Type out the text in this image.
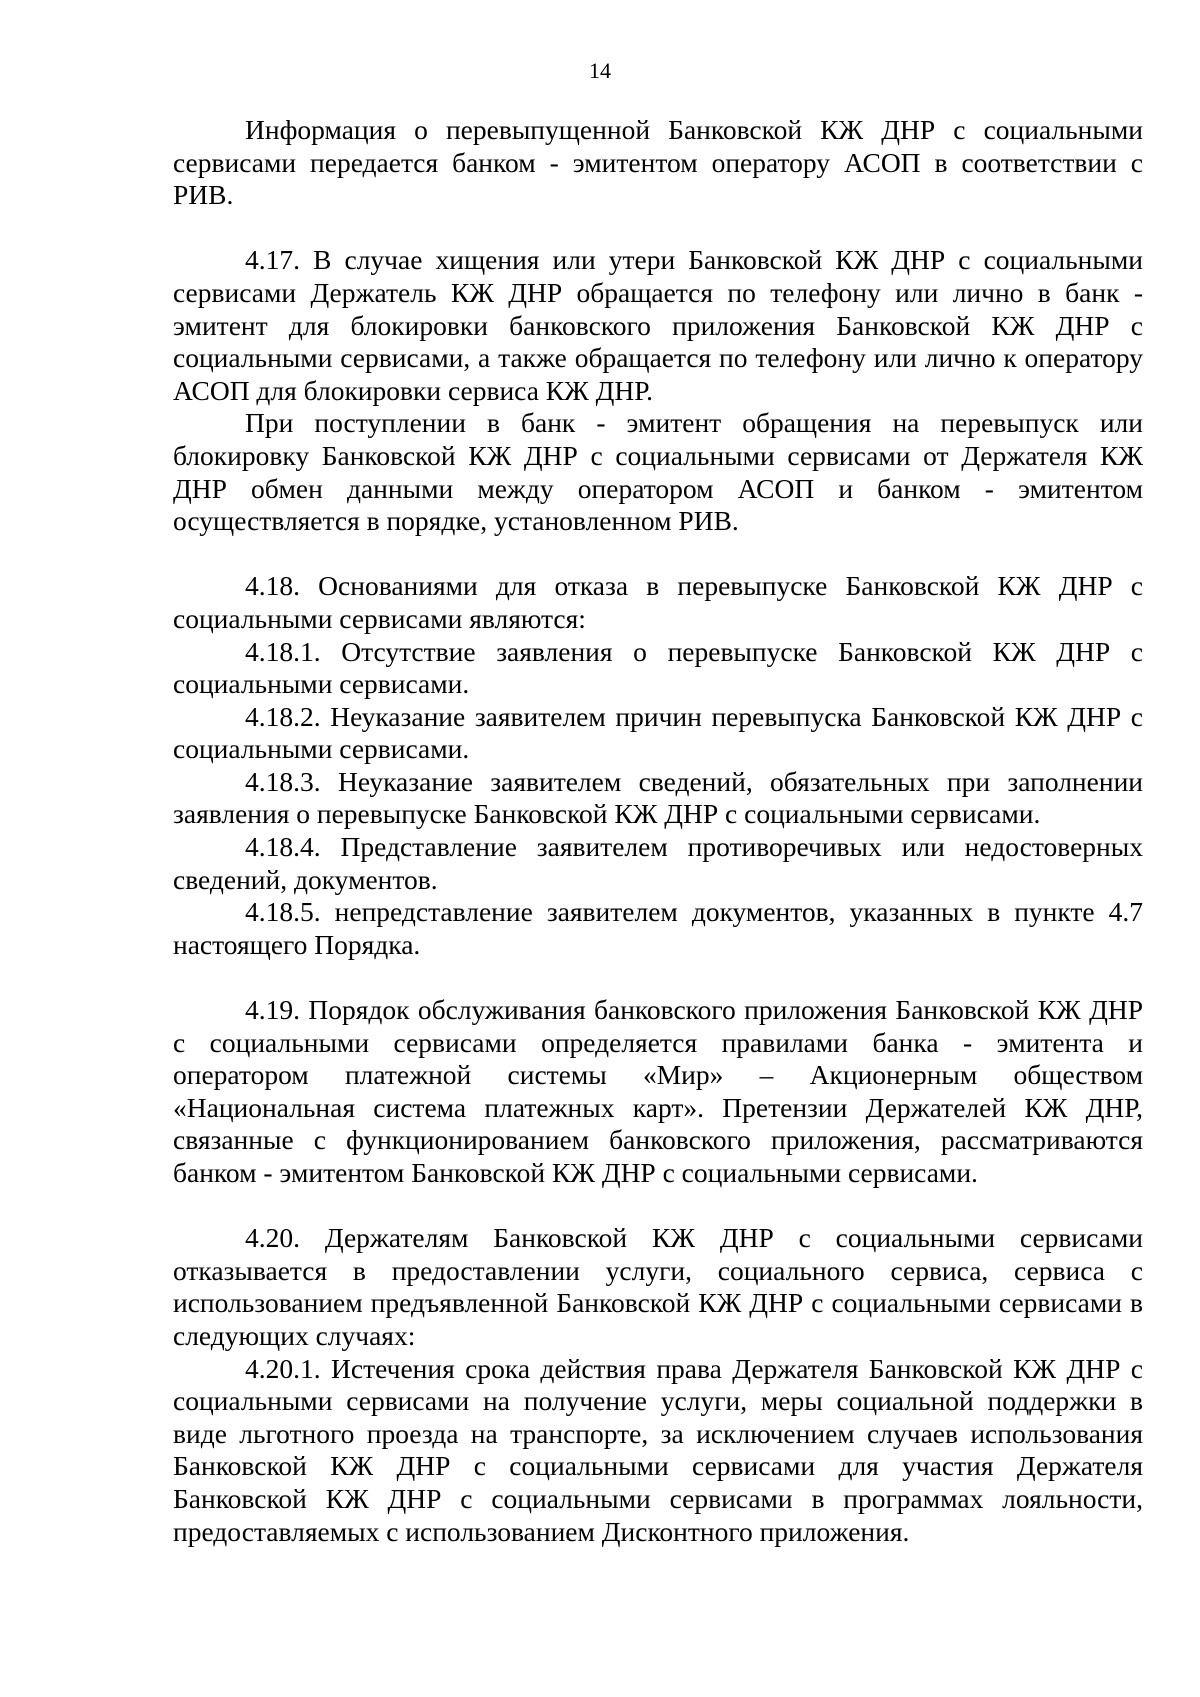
14

Информация о перевыпущенной Банковской КЖ ДНР с социальными сервисами передается банком - эмитентом оператору АСОП в соответствии с РИВ.

4.17. В случае хищения или утери Банковской КЖ ДНР с социальными сервисами Держатель КЖ ДНР обращается по телефону или лично в банк - эмитент для блокировки банковского приложения Банковской КЖ ДНР с социальными сервисами, а также обращается по телефону или лично к оператору АСОП для блокировки сервиса КЖ ДНР.

При поступлении в банк - эмитент обращения на перевыпуск или блокировку Банковской КЖ ДНР с социальными сервисами от Держателя КЖ ДНР обмен данными между оператором АСОП и банком - эмитентом осуществляется в порядке, установленном РИВ.

4.18. Основаниями для отказа в перевыпуске Банковской КЖ ДНР с социальными сервисами являются:

4.18.1. Отсутствие заявления о перевыпуске Банковской КЖ ДНР с социальными сервисами.

4.18.2. Неуказание заявителем причин перевыпуска Банковской КЖ ДНР с социальными сервисами.

4.18.3. Неуказание заявителем сведений, обязательных при заполнении заявления о перевыпуске Банковской КЖ ДНР с социальными сервисами.

4.18.4. Представление заявителем противоречивых или недостоверных сведений, документов.

4.18.5. непредставление заявителем документов, указанных в пункте 4.7 настоящего Порядка.

4.19. Порядок обслуживания банковского приложения Банковской КЖ ДНР с социальными сервисами определяется правилами банка - эмитента и оператором платежной системы «Мир» – Акционерным обществом «Национальная система платежных карт». Претензии Держателей КЖ ДНР, связанные с функционированием банковского приложения, рассматриваются банком - эмитентом Банковской КЖ ДНР с социальными сервисами.

4.20. Держателям Банковской КЖ ДНР с социальными сервисами отказывается в предоставлении услуги, социального сервиса, сервиса с использованием предъявленной Банковской КЖ ДНР с социальными сервисами в следующих случаях:

4.20.1. Истечения срока действия права Держателя Банковской КЖ ДНР с социальными сервисами на получение услуги, меры социальной поддержки в виде льготного проезда на транспорте, за исключением случаев использования Банковской КЖ ДНР с социальными сервисами для участия Держателя Банковской КЖ ДНР с социальными сервисами в программах лояльности, предоставляемых с использованием Дисконтного приложения.
